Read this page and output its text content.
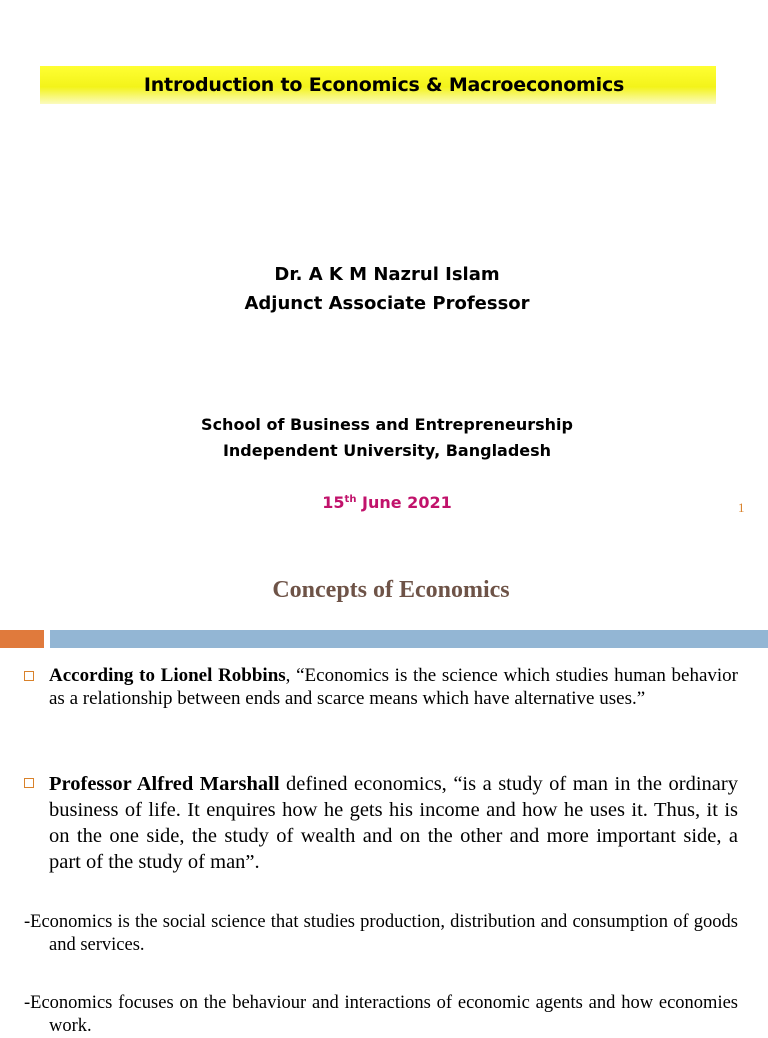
Introduction to Economics & Macroeconomics
Dr. A K M Nazrul Islam
Adjunct Associate Professor
School of Business and Entrepreneurship
Independent University, Bangladesh
15th June 2021	1
Concepts of Economics
According to Lionel Robbins, “Economics is the science which studies human behavior as a relationship between ends and scarce means which have alternative uses.”
Professor Alfred Marshall defined economics, “is a study of man in the ordinary business of life. It enquires how he gets his income and how he uses it. Thus, it is on the one side, the study of wealth and on the other and more important side, a part of the study of man”.
-Economics is the social science that studies production, distribution and consumption of goods and services.
-Economics focuses on the behaviour and interactions of economic agents and how economies work.
